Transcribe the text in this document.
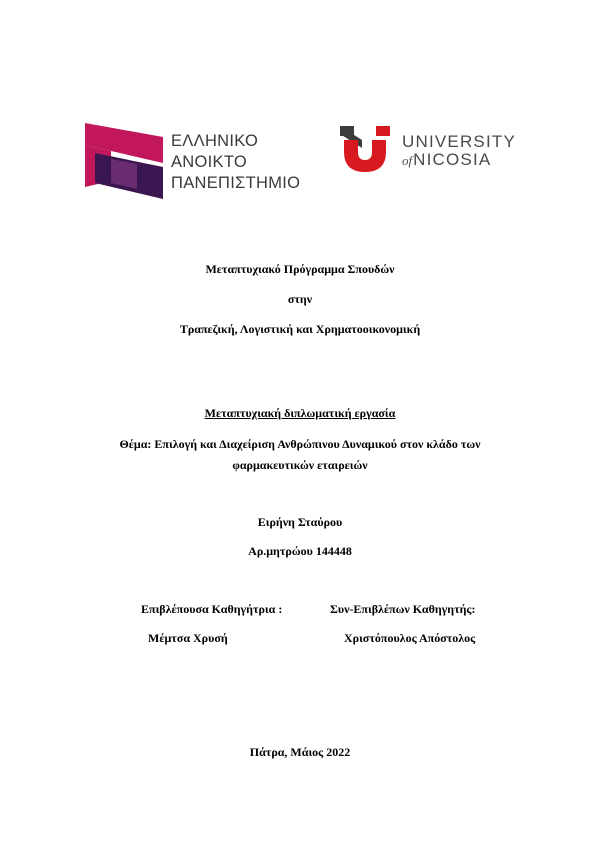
ΕΛΛΗΝΙΚΟ
ΑΝΟΙΚΤΟ
ΠΑΝΕΠΙΣΤΗΜΙΟ
UNIVERSITY
ofNICOSIA
Μεταπτυχιακό Πρόγραμμα Σπουδών
στην
Τραπεζική, Λογιστική και Χρηματοοικονομική
Μεταπτυχιακή διπλωματική εργασία
Θέμα: Επιλογή και Διαχείριση Ανθρώπινου Δυναμικού στον κλάδο των
φαρμακευτικών εταιρειών
Ειρήνη Σταύρου
Αρ.μητρώου 144448
Επιβλέπουσα Καθηγήτρια :	Συν-Επιβλέπων Καθηγητής:
Μέμτσα Χρυσή	Χριστόπουλος Απόστολος
Πάτρα, Μάιος 2022
